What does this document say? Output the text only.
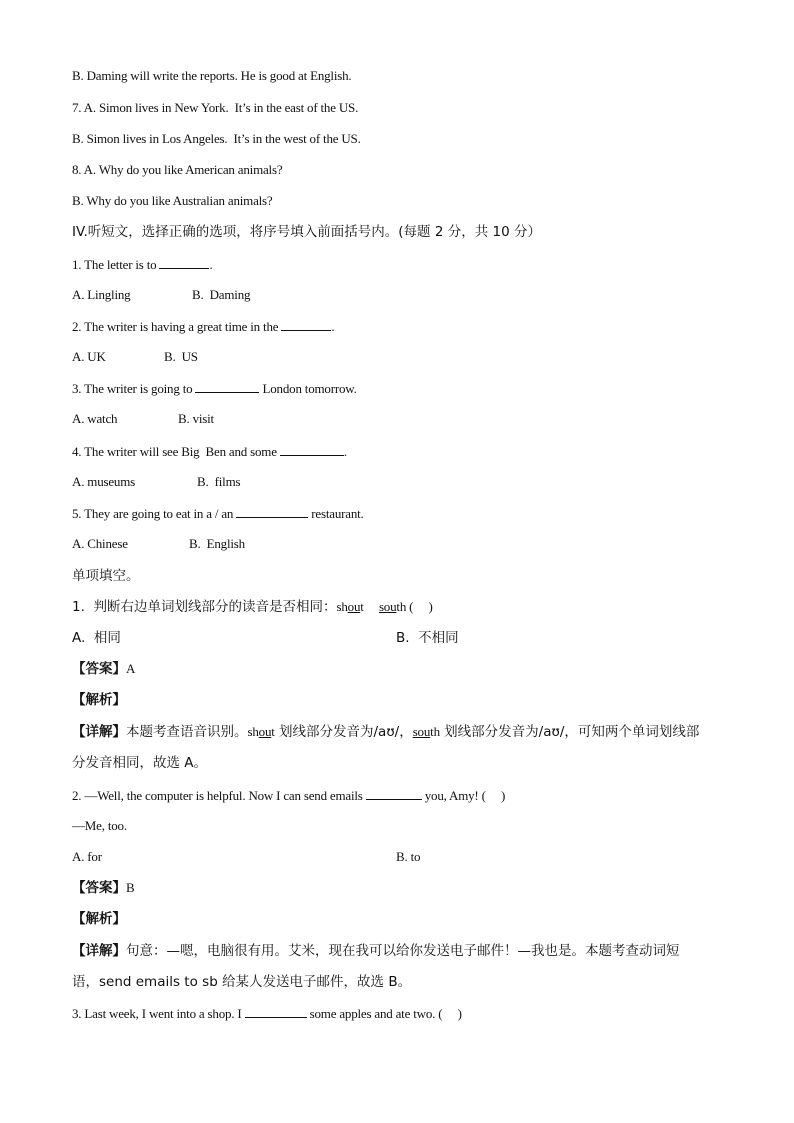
B. Daming will write the reports. He is good at English.
7. A. Simon lives in New York.  It’s in the east of the US.
B. Simon lives in Los Angeles.  It’s in the west of the US.
8. A. Why do you like American animals?
B. Why do you like Australian animals?
IV.听短文，选择正确的选项，将序号填入前面括号内。(每题 2 分，共 10 分）
1. The letter is to	.
A. Lingling	B.  Daming
2. The writer is having a great time in the	.
A. UK	B.  US
3. The writer is going to	London tomorrow.
A. watch	B. visit
4. The writer will see Big  Ben and some	.
A. museums	B.  films
5. They are going to eat in a / an	restaurant.
A. Chinese	B.  English
单项填空。
1.  判断右边单词划线部分的读音是否相同：shout south (     )
A.  相同	B.  不相同
【答案】A
【解析】
【详解】本题考查语音识别。shout 划线部分发音为/aʊ/，south 划线部分发音为/aʊ/，可知两个单词划线部
分发音相同，故选 A。
2. —Well, the computer is helpful. Now I can send emails	you, Amy! (     )
—Me, too.
A. for	B. to
【答案】B
【解析】
【详解】句意：—嗯，电脑很有用。艾米，现在我可以给你发送电子邮件！—我也是。本题考查动词短
语，send emails to sb 给某人发送电子邮件，故选 B。
3. Last week, I went into a shop. I	some apples and ate two. (     )
